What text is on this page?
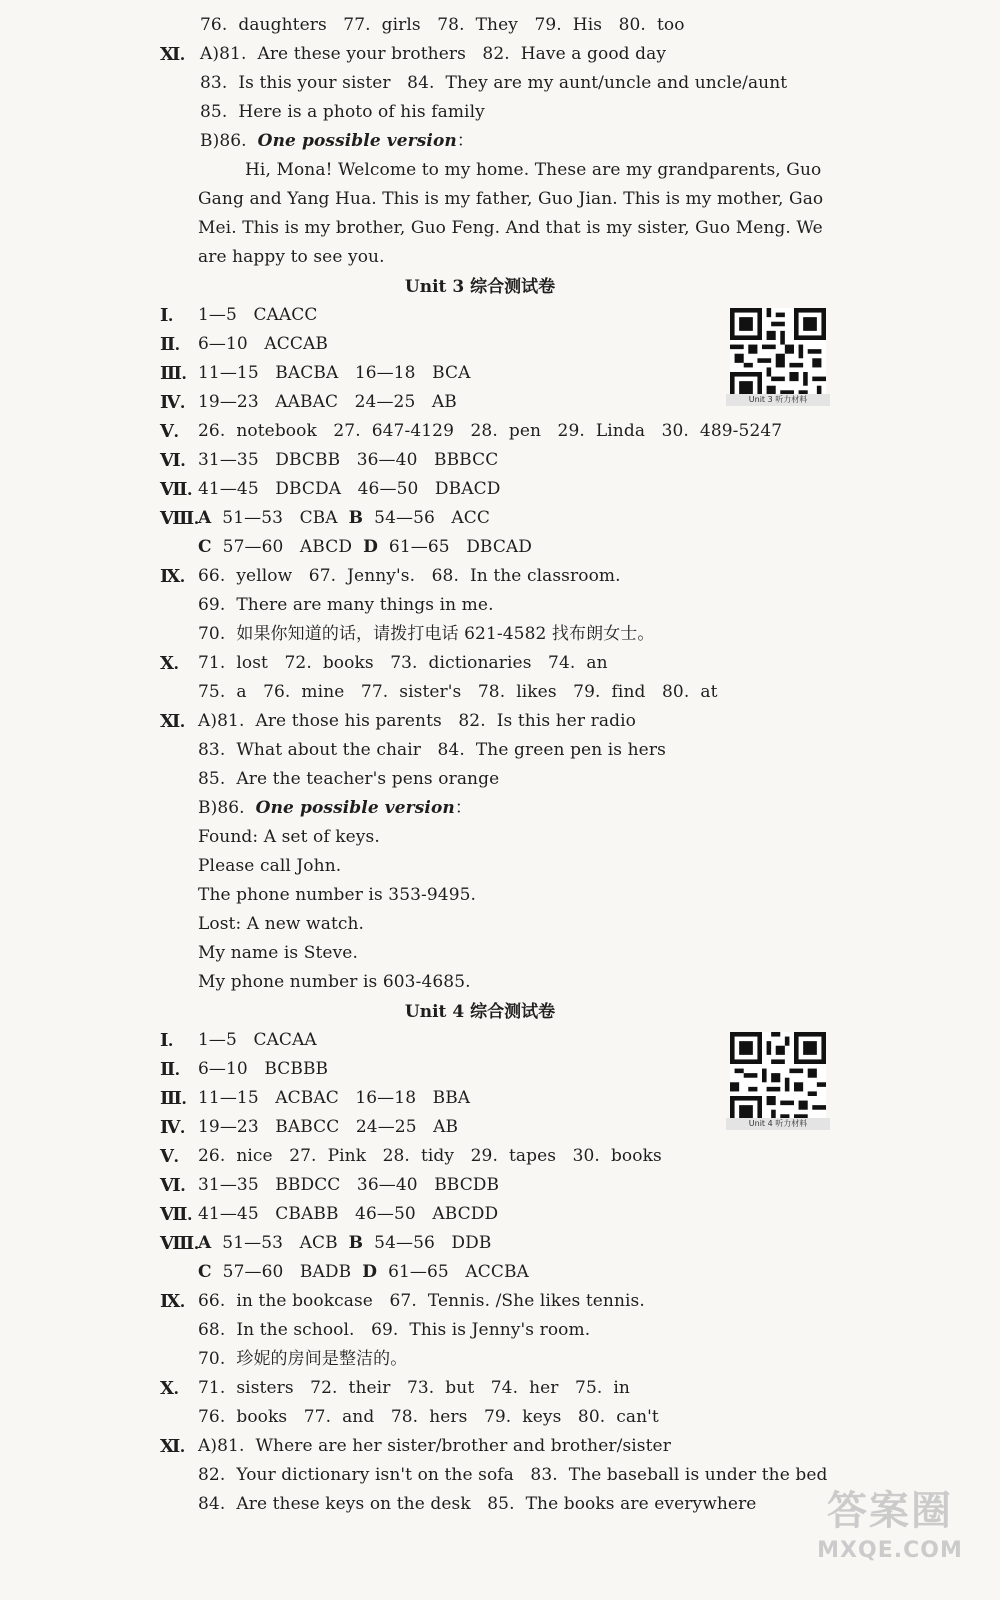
76.  daughters   77.  girls   78.  They   79.  His   80.  too
Ⅺ. A)81.  Are these your brothers   82.  Have a good day
83.  Is this your sister   84.  They are my aunt/uncle and uncle/aunt
85.  Here is a photo of his family
B)86.  One possible version：
Hi, Mona! Welcome to my home. These are my grandparents, Guo
Gang and Yang Hua. This is my father, Guo Jian. This is my mother, Gao
Mei. This is my brother, Guo Feng. And that is my sister, Guo Meng. We
are happy to see you.
Unit 3 综合测试卷
Unit 3 听力材料
Ⅰ. 1—5   CAACC
Ⅱ. 6—10   ACCAB
Ⅲ. 11—15   BACBA   16—18   BCA
Ⅳ. 19—23   AABAC   24—25   AB
Ⅴ. 26.  notebook   27.  647-4129   28.  pen   29.  Linda   30.  489-5247
Ⅵ. 31—35   DBCBB   36—40   BBBCC
Ⅶ. 41—45   DBCDA   46—50   DBACD
Ⅷ. A  51—53   CBA  B  54—56   ACC
C  57—60   ABCD  D  61—65   DBCAD
Ⅸ. 66.  yellow   67.  Jenny's.   68.  In the classroom.
69.  There are many things in me.
70.  如果你知道的话，请拨打电话 621-4582 找布朗女士。
Ⅹ. 71.  lost   72.  books   73.  dictionaries   74.  an
75.  a   76.  mine   77.  sister's   78.  likes   79.  find   80.  at
Ⅺ. A)81.  Are those his parents   82.  Is this her radio
83.  What about the chair   84.  The green pen is hers
85.  Are the teacher's pens orange
B)86.  One possible version：
Found: A set of keys.
Please call John.
The phone number is 353-9495.
Lost: A new watch.
My name is Steve.
My phone number is 603-4685.
Unit 4 综合测试卷
Unit 4 听力材料
Ⅰ. 1—5   CACAA
Ⅱ. 6—10   BCBBB
Ⅲ. 11—15   ACBAC   16—18   BBA
Ⅳ. 19—23   BABCC   24—25   AB
Ⅴ. 26.  nice   27.  Pink   28.  tidy   29.  tapes   30.  books
Ⅵ. 31—35   BBDCC   36—40   BBCDB
Ⅶ. 41—45   CBABB   46—50   ABCDD
Ⅷ. A  51—53   ACB  B  54—56   DDB
C  57—60   BADB  D  61—65   ACCBA
Ⅸ. 66.  in the bookcase   67.  Tennis. /She likes tennis.
68.  In the school.   69.  This is Jenny's room.
70.  珍妮的房间是整洁的。
Ⅹ. 71.  sisters   72.  their   73.  but   74.  her   75.  in
76.  books   77.  and   78.  hers   79.  keys   80.  can't
Ⅺ. A)81.  Where are her sister/brother and brother/sister
82.  Your dictionary isn't on the sofa   83.  The baseball is under the bed
84.  Are these keys on the desk   85.  The books are everywhere	答案圈
MXQE.COM
